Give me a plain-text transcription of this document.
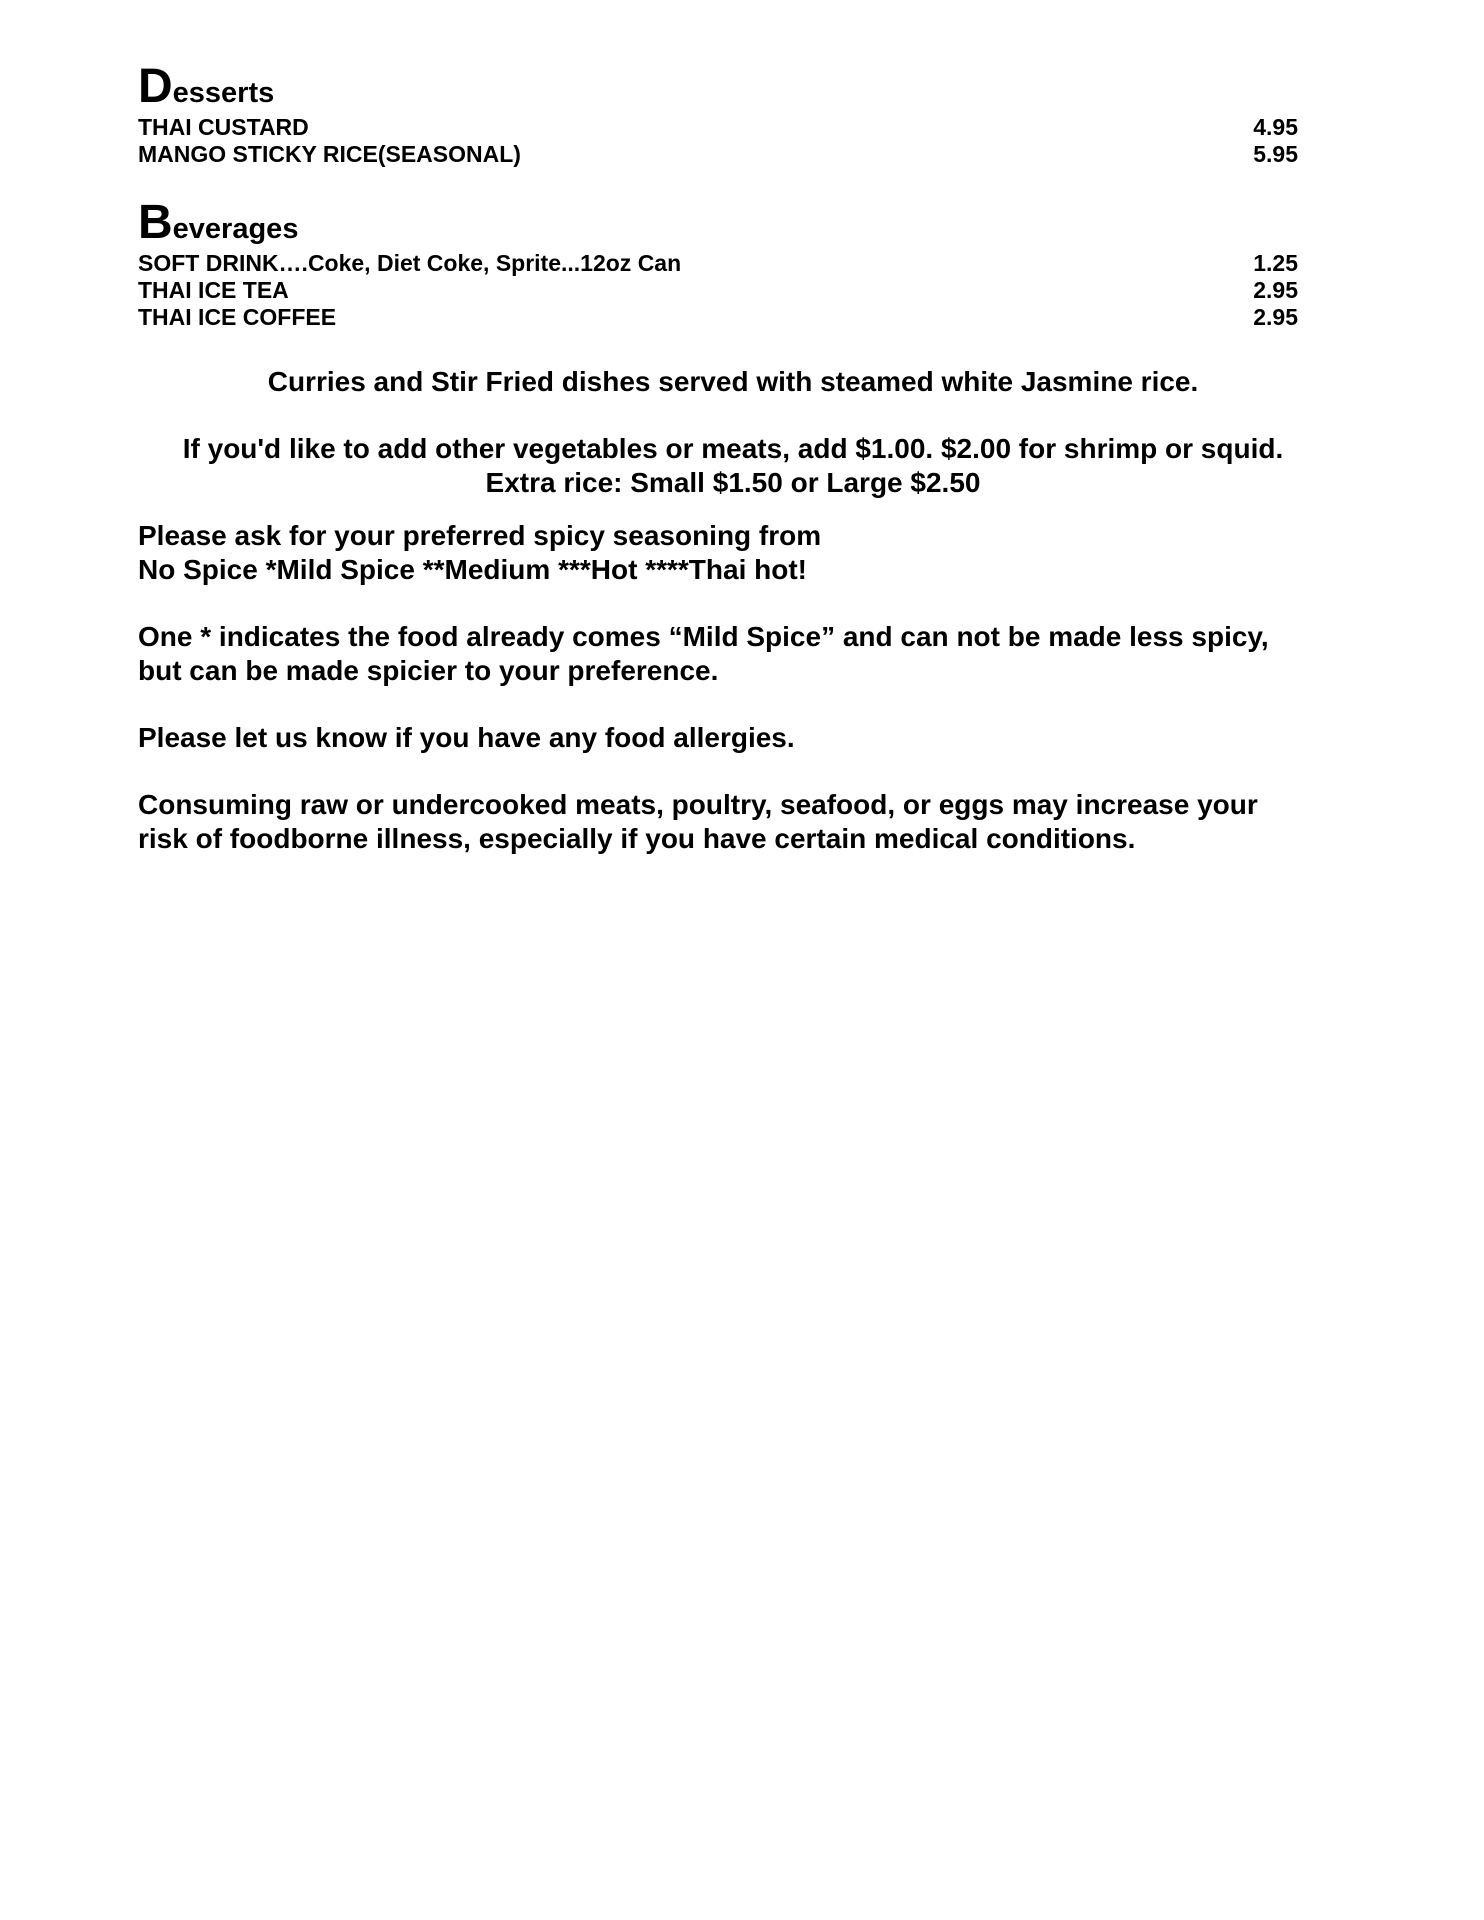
Desserts
THAI CUSTARD	4.95
MANGO STICKY RICE(SEASONAL)	5.95
Beverages
SOFT DRINK….Coke, Diet Coke, Sprite...12oz Can	1.25
THAI ICE TEA	2.95
THAI ICE COFFEE	2.95

Curries and Stir Fried dishes served with steamed white Jasmine rice.

If you'd like to add other vegetables or meats, add $1.00. $2.00 for shrimp or squid.
Extra rice: Small $1.50 or Large $2.50

Please ask for your preferred spicy seasoning from
No Spice *Mild Spice **Medium ***Hot ****Thai hot!

One * indicates the food already comes “Mild Spice” and can not be made less spicy,
but can be made spicier to your preference.

Please let us know if you have any food allergies.

Consuming raw or undercooked meats, poultry, seafood, or eggs may increase your
risk of foodborne illness, especially if you have certain medical conditions.
